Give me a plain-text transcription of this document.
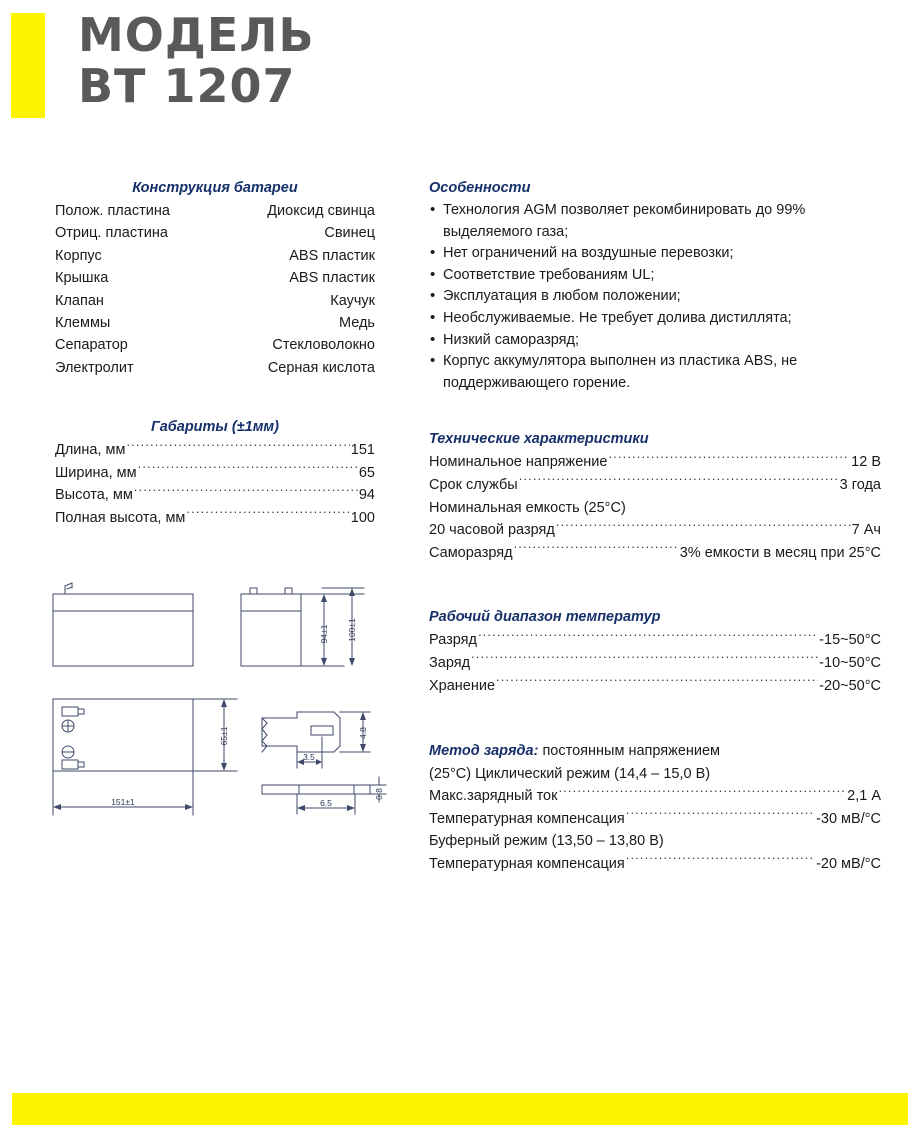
МОДЕЛЬ
BT 1207
Конструкция батареи
Полож. пластина	Диоксид свинца
Отриц. пластина	Свинец
Корпус	ABS пластик
Крышка	ABS пластик
Клапан	Каучук
Клеммы	Медь
Сепаратор	Стекловолокно
Электролит	Серная кислота
Габариты (±1мм)
Длина, мм .....	151
Ширина, мм .....	65
Высота, мм .....	94
Полная высота, мм .....	100
Особенности
• Технология AGM позволяет рекомбинировать до 99% выделяемого газа;
• Нет ограничений на воздушные перевозки;
• Соответствие требованиям UL;
• Эксплуатация в любом положении;
• Необслуживаемые. Не требует долива дистиллята;
• Низкий саморазряд;
• Корпус аккумулятора выполнен из пластика ABS, не поддерживающего горение.
Технические характеристики
Номинальное напряжение .....	12 В
Срок службы .....	3 года
Номинальная емкость (25°C)
20 часовой разряд .....	7 Ач
Саморазряд .....	3% емкости в месяц при 25°C
Рабочий диапазон температур
Разряд .....	-15~50°C
Заряд .....	-10~50°C
Хранение .....	-20~50°C
Метод заряда: постоянным напряжением
(25°C) Циклический режим (14,4 – 15,0 В)
Макс.зарядный ток .....	2,1 А
Температурная компенсация .....	-30 мВ/°C
Буферный режим (13,50 – 13,80 В)
Температурная компенсация .....	-20 мВ/°C
94±1 100±1
65±1
151±1
3.5
4.8
6.5
0.8
